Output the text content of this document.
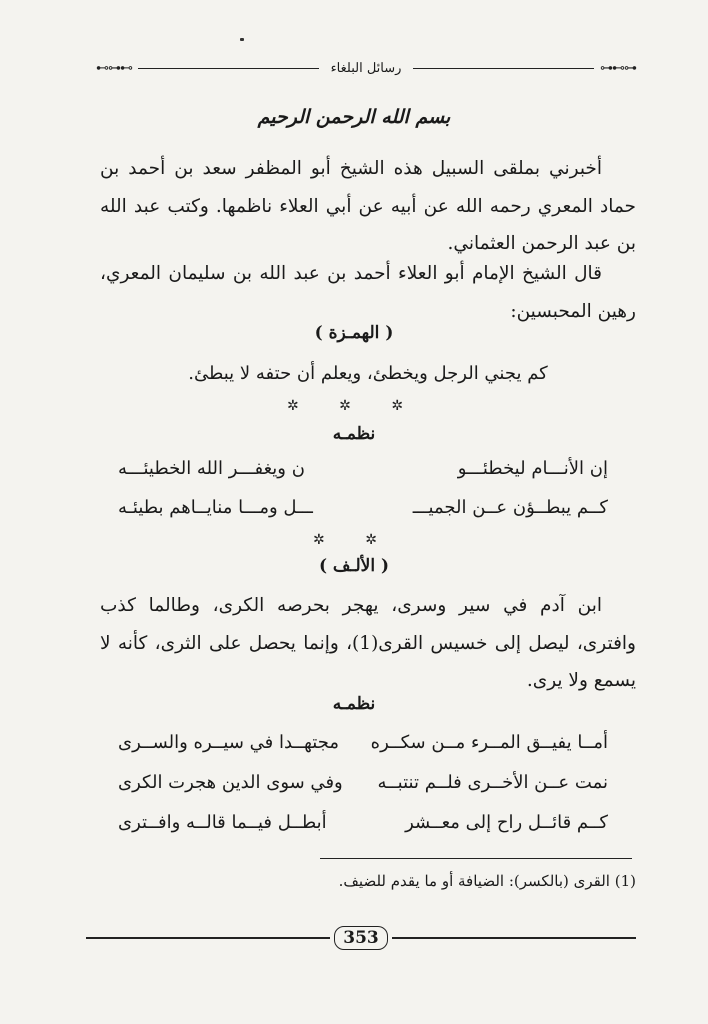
⊷⊶⊷	رسائل البلغاء	⊶⊷⊶
بسم الله الرحمن الرحيم
أخبرني بملقى السبيل هذه الشيخ أبو المظفر سعد بن أحمد بن حماد المعري رحمه الله عن أبيه عن أبي العلاء ناظمها. وكتب عبد الله بن عبد الرحمن العثماني.
قال الشيخ الإمام أبو العلاء أحمد بن عبد الله بن سليمان المعري، رهين المحبسين:
( الهمـزة )
كم يجني الرجل ويخطئ، ويعلم أن حتفه لا يبطئ.
✲ ✲ ✲
نظمـه
إن الأنـــام ليخطئـــو
ن ويغفـــر الله الخطيئـــه
كــم يبطــؤن عــن الجميـــ
ـــل ومـــا منايــاهم بطيئـه
✲ ✲
( الألـف )
ابن آدم في سير وسرى، يهجر بحرصه الكرى، وطالما كذب وافترى، ليصل إلى خسيس القرى(1)، وإنما يحصل على الثرى، كأنه لا يسمع ولا يرى.
نظمـه
أمــا يفيــق المــرء مــن سكــره
مجتهــدا في سيــره والســرى
نمت عــن الأخــرى فلــم تنتبــه
وفي سوى الدين هجرت الكرى
كــم قائــل راح إلى معــشر
أبطــل فيــما قالــه وافــترى
(1) القرى (بالكسر): الضيافة أو ما يقدم للضيف.
353
